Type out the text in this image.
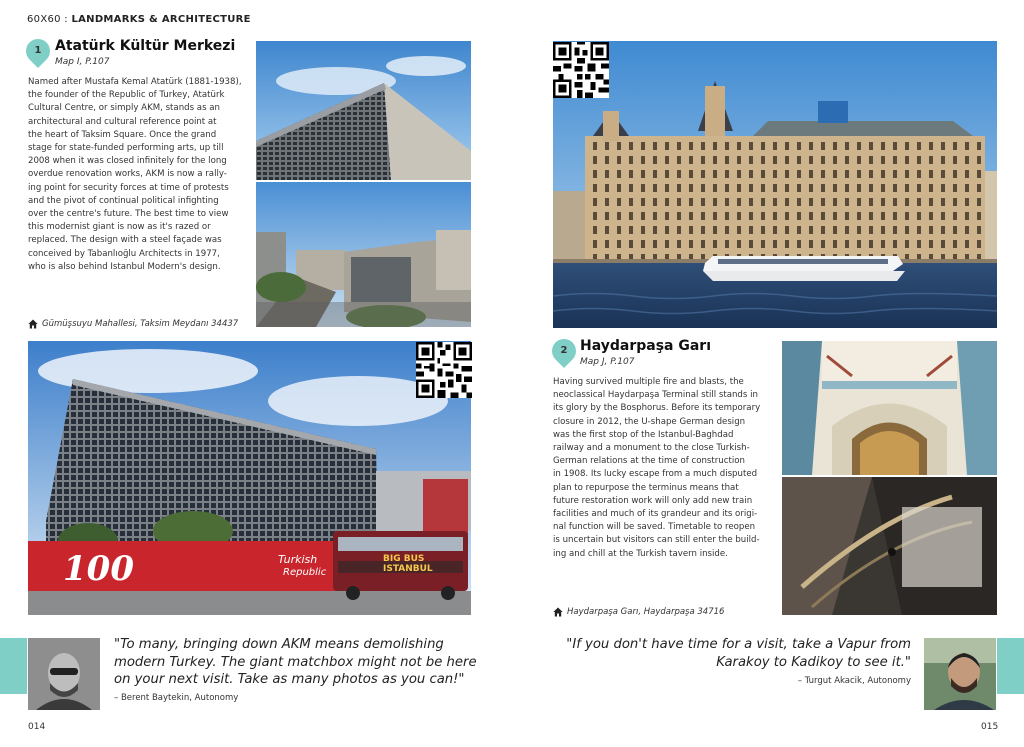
60X60 : LANDMARKS & ARCHITECTURE
1 Atatürk Kültür Merkezi
Map I, P.107
Named after Mustafa Kemal Atatürk (1881-1938),
the founder of the Republic of Turkey, Atatürk
Cultural Centre, or simply AKM, stands as an
architectural and cultural reference point at
the heart of Taksim Square. Once the grand
stage for state-funded performing arts, up till
2008 when it was closed infinitely for the long
overdue renovation works, AKM is now a rally-
ing point for security forces at time of protests
and the pivot of continual political infighting
over the centre's future. The best time to view
this modernist giant is now as it's razed or
replaced. The design with a steel façade was
conceived by Tabanlıoğlu Architects in 1977,
who is also behind Istanbul Modern's design.
Gümüşsuyu Mahallesi, Taksim Meydanı 34437
100	Turkish
Republic
BIG BUS ISTANBUL
2 Haydarpaşa Garı
Map J, P.107
Having survived multiple fire and blasts, the
neoclassical Haydarpaşa Terminal still stands in
its glory by the Bosphorus. Before its temporary
closure in 2012, the U-shape German design
was the first stop of the Istanbul-Baghdad
railway and a monument to the close Turkish-
German relations at the time of construction
in 1908. Its lucky escape from a much disputed
plan to repurpose the terminus means that
future restoration work will only add new train
facilities and much of its grandeur and its origi-
nal function will be saved. Timetable to reopen
is uncertain but visitors can still enter the build-
ing and chill at the Turkish tavern inside.
Haydarpaşa Garı, Haydarpaşa 34716
"To many, bringing down AKM means demolishing
modern Turkey. The giant matchbox might not be here
on your next visit. Take as many photos as you can!"
– Berent Baytekin, Autonomy
"If you don't have time for a visit, take a Vapur from
Karakoy to Kadikoy to see it."
– Turgut Akacik, Autonomy
014	015
